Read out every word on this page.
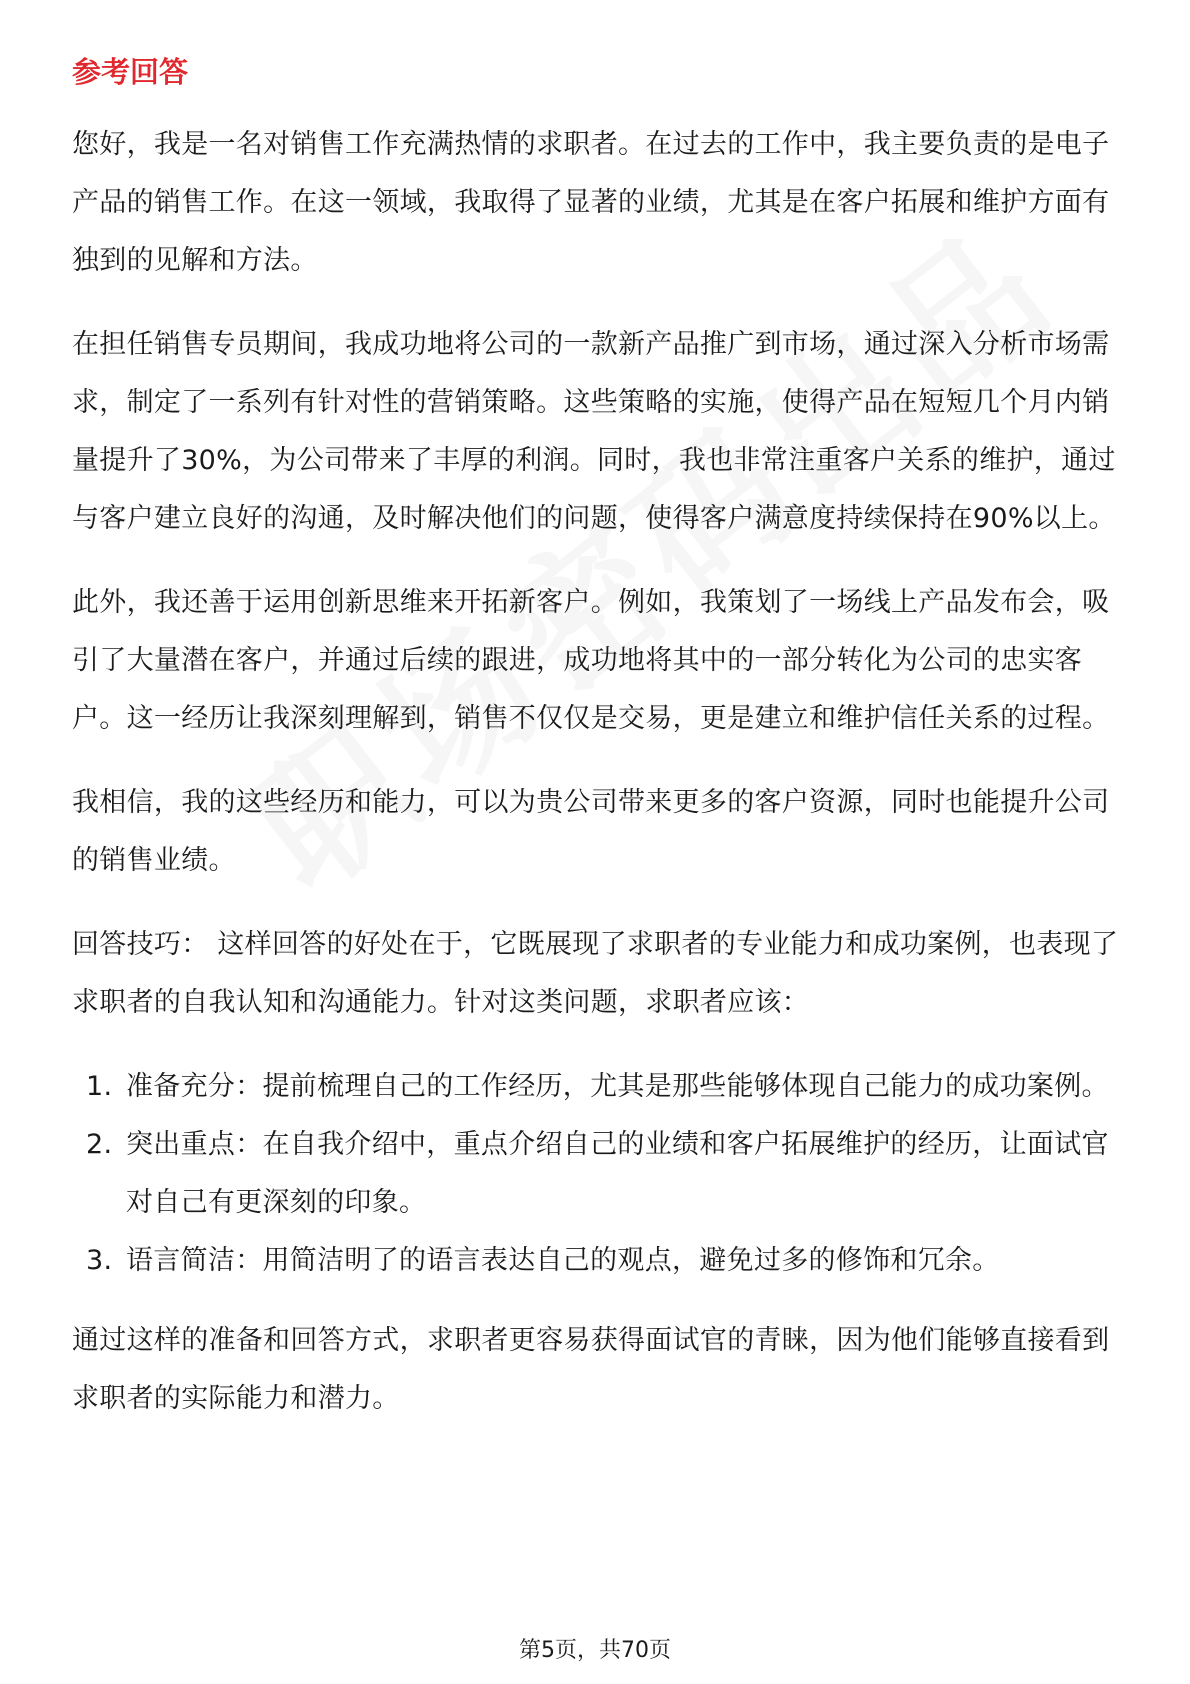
参考回答

您好，我是一名对销售工作充满热情的求职者。在过去的工作中，我主要负责的是电子产品的销售工作。在这一领域，我取得了显著的业绩，尤其是在客户拓展和维护方面有独到的见解和方法。

在担任销售专员期间，我成功地将公司的一款新产品推广到市场，通过深入分析市场需求，制定了一系列有针对性的营销策略。这些策略的实施，使得产品在短短几个月内销量提升了30%，为公司带来了丰厚的利润。同时，我也非常注重客户关系的维护，通过与客户建立良好的沟通，及时解决他们的问题，使得客户满意度持续保持在90%以上。

此外，我还善于运用创新思维来开拓新客户。例如，我策划了一场线上产品发布会，吸引了大量潜在客户，并通过后续的跟进，成功地将其中的一部分转化为公司的忠实客户。这一经历让我深刻理解到，销售不仅仅是交易，更是建立和维护信任关系的过程。

我相信，我的这些经历和能力，可以为贵公司带来更多的客户资源，同时也能提升公司的销售业绩。

回答技巧： 这样回答的好处在于，它既展现了求职者的专业能力和成功案例，也表现了求职者的自我认知和沟通能力。针对这类问题，求职者应该：

1. 准备充分：提前梳理自己的工作经历，尤其是那些能够体现自己能力的成功案例。
2. 突出重点：在自我介绍中，重点介绍自己的业绩和客户拓展维护的经历，让面试官对自己有更深刻的印象。
3. 语言简洁：用简洁明了的语言表达自己的观点，避免过多的修饰和冗余。

通过这样的准备和回答方式，求职者更容易获得面试官的青睐，因为他们能够直接看到求职者的实际能力和潜力。

第5页，共70页
